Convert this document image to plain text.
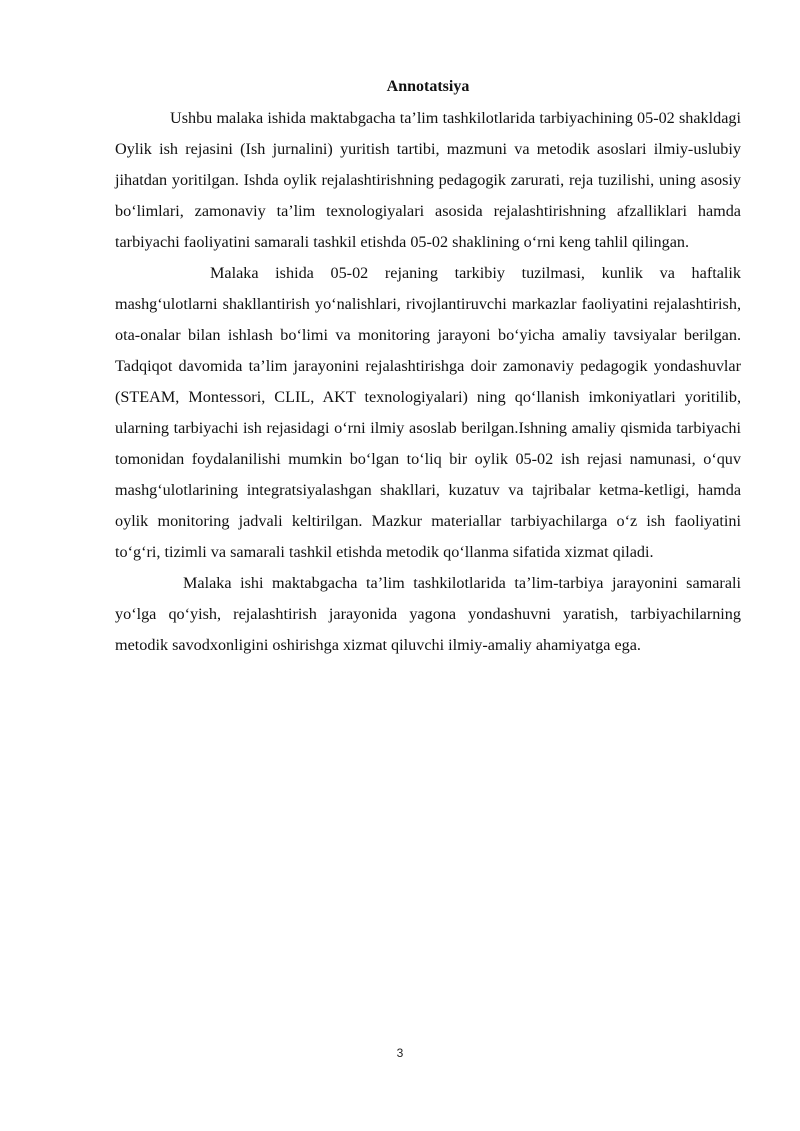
Annotatsiya

Ushbu malaka ishida maktabgacha ta’lim tashkilotlarida tarbiyachining 05-02 shakldagi Oylik ish rejasini (Ish jurnalini) yuritish tartibi, mazmuni va metodik asoslari ilmiy-uslubiy jihatdan yoritilgan. Ishda oylik rejalashtirishning pedagogik zarurati, reja tuzilishi, uning asosiy bo‘limlari, zamonaviy ta’lim texnologiyalari asosida rejalashtirishning afzalliklari hamda tarbiyachi faoliyatini samarali tashkil etishda 05-02 shaklining o‘rni keng tahlil qilingan.

Malaka ishida 05-02 rejaning tarkibiy tuzilmasi, kunlik va haftalik mashg‘ulotlarni shakllantirish yo‘nalishlari, rivojlantiruvchi markazlar faoliyatini rejalashtirish, ota-onalar bilan ishlash bo‘limi va monitoring jarayoni bo‘yicha amaliy tavsiyalar berilgan. Tadqiqot davomida ta’lim jarayonini rejalashtirishga doir zamonaviy pedagogik yondashuvlar (STEAM, Montessori, CLIL, AKT texnologiyalari) ning qo‘llanish imkoniyatlari yoritilib, ularning tarbiyachi ish rejasidagi o‘rni ilmiy asoslab berilgan.Ishning amaliy qismida tarbiyachi tomonidan foydalanilishi mumkin bo‘lgan to‘liq bir oylik 05-02 ish rejasi namunasi, o‘quv mashg‘ulotlarining integratsiyalashgan shakllari, kuzatuv va tajribalar ketma-ketligi, hamda oylik monitoring jadvali keltirilgan. Mazkur materiallar tarbiyachilarga o‘z ish faoliyatini to‘g‘ri, tizimli va samarali tashkil etishda metodik qo‘llanma sifatida xizmat qiladi.

Malaka ishi maktabgacha ta’lim tashkilotlarida ta’lim-tarbiya jarayonini samarali yo‘lga qo‘yish, rejalashtirish jarayonida yagona yondashuvni yaratish, tarbiyachilarning metodik savodxonligini oshirishga xizmat qiluvchi ilmiy-amaliy ahamiyatga ega.

3
